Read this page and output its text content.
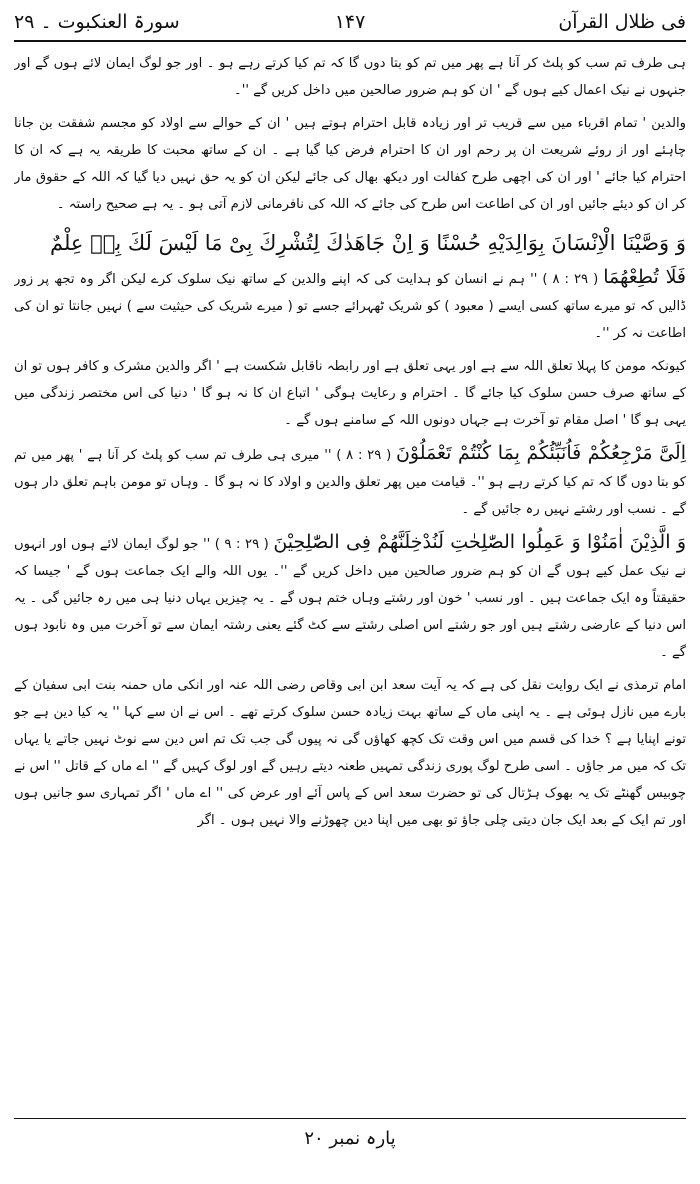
فی ظلال القرآن
۱۴۷
سورۃ العنکبوت ۔ ۲۹

ہی طرف تم سب کو پلٹ کر آنا ہے پھر میں تم کو بتا دوں گا کہ تم کیا کرتے رہے ہو ۔ اور جو لوگ ایمان لائے ہوں گے اور جنہوں نے نیک اعمال کیے ہوں گے ' ان کو ہم ضرور صالحین میں داخل کریں گے ''۔

والدین ' تمام اقرباء میں سے قریب تر اور زیادہ قابل احترام ہوتے ہیں ' ان کے حوالے سے اولاد کو مجسم شفقت بن جانا چاہئے اور از روئے شریعت ان پر رحم اور ان کا احترام فرض کیا گیا ہے ۔ ان کے ساتھ محبت کا طریقہ یہ ہے کہ ان کا احترام کیا جائے ' اور ان کی اچھی طرح کفالت اور دیکھ بھال کی جائے لیکن ان کو یہ حق نہیں دیا گیا کہ اللہ کے حقوق مار کر ان کو دیئے جائیں اور ان کی اطاعت اس طرح کی جائے کہ اللہ کی نافرمانی لازم آتی ہو ۔ یہ ہے صحیح راستہ ۔

وَ وَصَّیْنَا الْاِنْسَانَ بِوَالِدَیْهِ حُسْنًا وَ اِنْ جَاهَدٰكَ لِتُشْرِكَ بِیْ مَا لَیْسَ لَكَ بِهٖ عِلْمٌ

فَلَا تُطِعْهُمَا ( ۲۹ : ۸ ) '' ہم نے انسان کو ہدایت کی کہ اپنے والدین کے ساتھ نیک سلوک کرے لیکن اگر وہ تجھ پر زور ڈالیں کہ تو میرے ساتھ کسی ایسے ( معبود ) کو شریک ٹھہرائے جسے تو ( میرے شریک کی حیثیت سے ) نہیں جانتا تو ان کی اطاعت نہ کر ''۔

کیونکہ مومن کا پہلا تعلق اللہ سے ہے اور یہی تعلق ہے اور رابطہ ناقابل شکست ہے ' اگر والدین مشرک و کافر ہوں تو ان کے ساتھ صرف حسن سلوک کیا جائے گا ۔ احترام و رعایت ہوگی ' اتباع ان کا نہ ہو گا ' دنیا کی اس مختصر زندگی میں یہی ہو گا ' اصل مقام تو آخرت ہے جہاں دونوں اللہ کے سامنے ہوں گے ۔

اِلَیَّ مَرْجِعُكُمْ فَاُنَبِّئُكُمْ بِمَا كُنْتُمْ تَعْمَلُوْنَ ( ۲۹ : ۸ ) '' میری ہی طرف تم سب کو پلٹ کر آنا ہے ' پھر میں تم کو بتا دوں گا کہ تم کیا کرتے رہے ہو ''۔ قیامت میں پھر تعلق والدین و اولاد کا نہ ہو گا ۔ وہاں تو مومن باہم تعلق دار ہوں گے ۔ نسب اور رشتے نہیں رہ جائیں گے ۔

وَ الَّذِیْنَ اٰمَنُوْا وَ عَمِلُوا الصّٰلِحٰتِ لَنُدْخِلَنَّهُمْ فِی الصّٰلِحِیْنَ ( ۲۹ : ۹ ) '' جو لوگ ایمان لائے ہوں اور انہوں نے نیک عمل کیے ہوں گے ان کو ہم ضرور صالحین میں داخل کریں گے ''۔ یوں اللہ والے ایک جماعت ہوں گے ' جیسا کہ حقیقتاً وہ ایک جماعت ہیں ۔ اور نسب ' خون اور رشتے وہاں ختم ہوں گے ۔ یہ چیزیں یہاں دنیا ہی میں رہ جائیں گی ۔ یہ اس دنیا کے عارضی رشتے ہیں اور جو رشتے اس اصلی رشتے سے کٹ گئے یعنی رشتہ ایمان سے تو آخرت میں وہ نابود ہوں گے ۔

امام ترمذی نے ایک روایت نقل کی ہے کہ یہ آیت سعد ابن ابی وقاص رضی اللہ عنہ اور انکی ماں حمنہ بنت ابی سفیان کے بارے میں نازل ہوئی ہے ۔ یہ اپنی ماں کے ساتھ بہت زیادہ حسن سلوک کرتے تھے ۔ اس نے ان سے کہا '' یہ کیا دین ہے جو تونے اپنایا ہے ؟ خدا کی قسم میں اس وقت تک کچھ کھاؤں گی نہ پیوں گی جب تک تم اس دین سے نوٹ نہیں جاتے یا یہاں تک کہ میں مر جاؤں ۔ اسی طرح لوگ پوری زندگی تمہیں طعنہ دیتے رہیں گے اور لوگ کہیں گے '' اے ماں کے قاتل '' اس نے چوبیس گھنٹے تک یہ بھوک ہڑتال کی تو حضرت سعد اس کے پاس آئے اور عرض کی '' اے ماں ' اگر تمہاری سو جانیں ہوں اور تم ایک کے بعد ایک جان دیتی چلی جاؤ تو بھی میں اپنا دین چھوڑنے والا نہیں ہوں ۔ اگر

پارہ نمبر ۲۰
